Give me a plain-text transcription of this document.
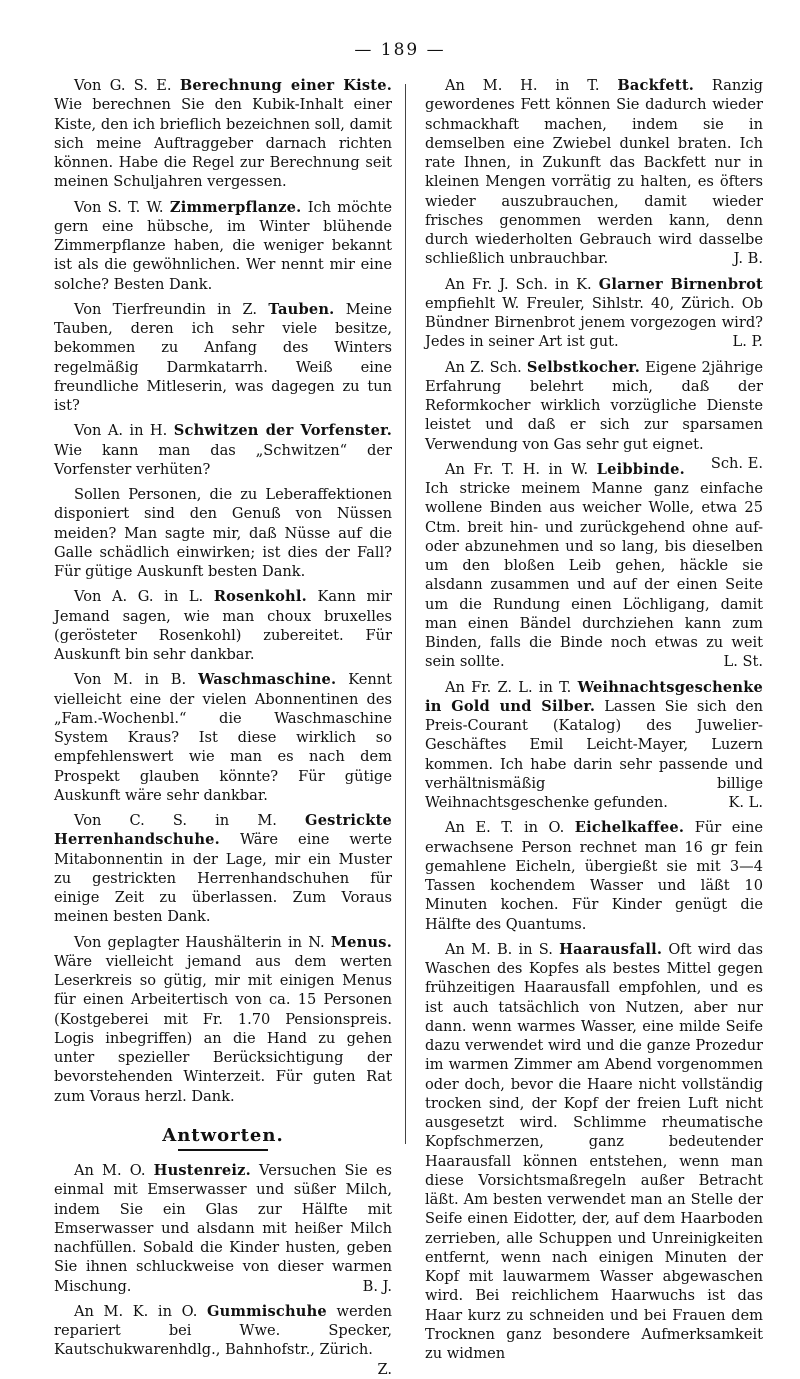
— 189 —

Von G. S. E. Berechnung einer Kiste. Wie berechnen Sie den Kubik-Inhalt einer Kiste, den ich brieflich bezeichnen soll, damit sich meine Auftraggeber darnach richten können. Habe die Regel zur Berechnung seit meinen Schuljahren vergessen.

Von S. T. W. Zimmerpflanze. Ich möchte gern eine hübsche, im Winter blühende Zimmerpflanze haben, die weniger bekannt ist als die gewöhnlichen. Wer nennt mir eine solche? Besten Dank.

Von Tierfreundin in Z. Tauben. Meine Tauben, deren ich sehr viele besitze, bekommen zu Anfang des Winters regelmäßig Darmkatarrh. Weiß eine freundliche Mitleserin, was dagegen zu tun ist?

Von A. in H. Schwitzen der Vorfenster. Wie kann man das „Schwitzen“ der Vorfenster verhüten?

Sollen Personen, die zu Leberaffektionen disponiert sind den Genuß von Nüssen meiden? Man sagte mir, daß Nüsse auf die Galle schädlich einwirken; ist dies der Fall? Für gütige Auskunft besten Dank.

Von A. G. in L. Rosenkohl. Kann mir Jemand sagen, wie man choux bruxelles (gerösteter Rosenkohl) zubereitet. Für Auskunft bin sehr dankbar.

Von M. in B. Waschmaschine. Kennt vielleicht eine der vielen Abonnentinen des „Fam.-Wochenbl.“ die Waschmaschine System Kraus? Ist diese wirklich so empfehlenswert wie man es nach dem Prospekt glauben könnte? Für gütige Auskunft wäre sehr dankbar.

Von C. S. in M. Gestrickte Herrenhandschuhe. Wäre eine werte Mitabonnentin in der Lage, mir ein Muster zu gestrickten Herrenhandschuhen für einige Zeit zu überlassen. Zum Voraus meinen besten Dank.

Von geplagter Haushälterin in N. Menus. Wäre vielleicht jemand aus dem werten Leserkreis so gütig, mir mit einigen Menus für einen Arbeitertisch von ca. 15 Personen (Kostgeberei mit Fr. 1.70 Pensionspreis. Logis inbegriffen) an die Hand zu gehen unter spezieller Berücksichtigung der bevorstehenden Winterzeit. Für guten Rat zum Voraus herzl. Dank.

Antworten.

An M. O. Hustenreiz. Versuchen Sie es einmal mit Emserwasser und süßer Milch, indem Sie ein Glas zur Hälfte mit Emserwasser und alsdann mit heißer Milch nachfüllen. Sobald die Kinder husten, geben Sie ihnen schluckweise von dieser warmen Mischung.	B. J.

An M. K. in O. Gummischuhe werden repariert bei Wwe. Specker, Kautschukwarenhdlg., Bahnhofstr., Zürich.
Z.

An M. H. in T. Backfett. Ranzig gewordenes Fett können Sie dadurch wieder schmackhaft machen, indem sie in demselben eine Zwiebel dunkel braten. Ich rate Ihnen, in Zukunft das Backfett nur in kleinen Mengen vorrätig zu halten, es öfters wieder auszubrauchen, damit wieder frisches genommen werden kann, denn durch wiederholten Gebrauch wird dasselbe schließlich unbrauchbar.	J. B.

An Fr. J. Sch. in K. Glarner Birnenbrot empfiehlt W. Freuler, Sihlstr. 40, Zürich. Ob Bündner Birnenbrot jenem vorgezogen wird? Jedes in seiner Art ist gut.	L. P.

An Z. Sch. Selbstkocher. Eigene 2jährige Erfahrung belehrt mich, daß der Reformkocher wirklich vorzügliche Dienste leistet und daß er sich zur sparsamen Verwendung von Gas sehr gut eignet.
Sch. E.

An Fr. T. H. in W. Leibbinde. Ich stricke meinem Manne ganz einfache wollene Binden aus weicher Wolle, etwa 25 Ctm. breit hin- und zurückgehend ohne auf- oder abzunehmen und so lang, bis dieselben um den bloßen Leib gehen, häckle sie alsdann zusammen und auf der einen Seite um die Rundung einen Löchligang, damit man einen Bändel durchziehen kann zum Binden, falls die Binde noch etwas zu weit sein sollte.	L. St.

An Fr. Z. L. in T. Weihnachtsgeschenke in Gold und Silber. Lassen Sie sich den Preis-Courant (Katalog) des Juwelier-Geschäftes Emil Leicht-Mayer, Luzern kommen. Ich habe darin sehr passende und verhältnismäßig billige Weihnachtsgeschenke gefunden.	K. L.

An E. T. in O. Eichelkaffee. Für eine erwachsene Person rechnet man 16 gr fein gemahlene Eicheln, übergießt sie mit 3—4 Tassen kochendem Wasser und läßt 10 Minuten kochen. Für Kinder genügt die Hälfte des Quantums.

An M. B. in S. Haarausfall. Oft wird das Waschen des Kopfes als bestes Mittel gegen frühzeitigen Haarausfall empfohlen, und es ist auch tatsächlich von Nutzen, aber nur dann. wenn warmes Wasser, eine milde Seife dazu verwendet wird und die ganze Prozedur im warmen Zimmer am Abend vorgenommen oder doch, bevor die Haare nicht vollständig trocken sind, der Kopf der freien Luft nicht ausgesetzt wird. Schlimme rheumatische Kopfschmerzen, ganz bedeutender Haarausfall können entstehen, wenn man diese Vorsichtsmaßregeln außer Betracht läßt. Am besten verwendet man an Stelle der Seife einen Eidotter, der, auf dem Haarboden zerrieben, alle Schuppen und Unreinigkeiten entfernt, wenn nach einigen Minuten der Kopf mit lauwarmem Wasser abgewaschen wird. Bei reichlichem Haarwuchs ist das Haar kurz zu schneiden und bei Frauen dem Trocknen ganz besondere Aufmerksamkeit zu widmen
